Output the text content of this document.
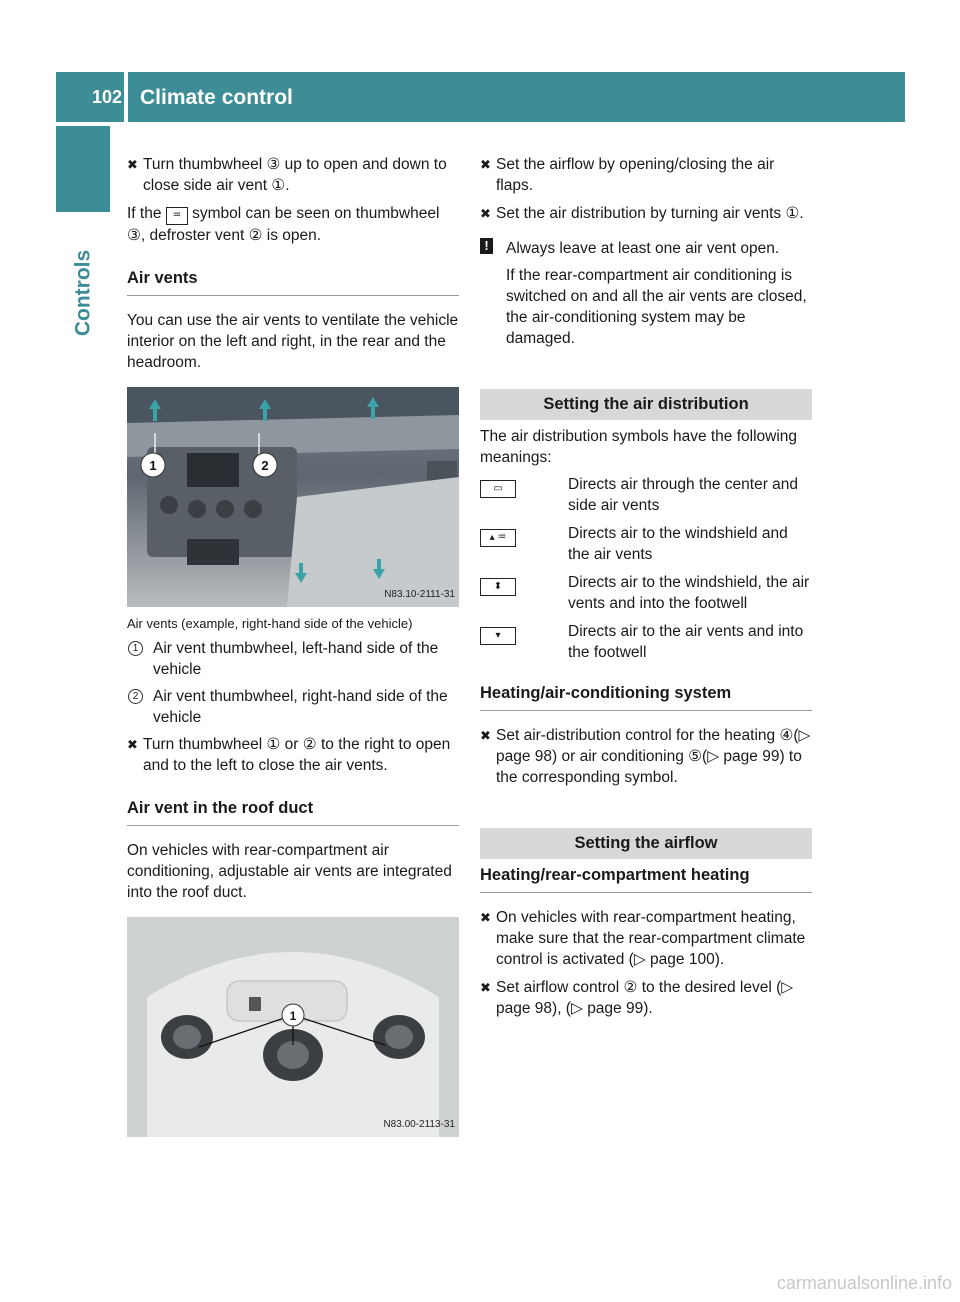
102 Climate control
Controls
✖ Turn thumbwheel ③ up to open and down to close side air vent ①.

If the ♒ symbol can be seen on thumbwheel ③, defroster vent ② is open.

Air vents

You can use the air vents to ventilate the vehicle interior on the left and right, in the rear and the headroom.

1	2
N83.10-2111-31
Air vents (example, right-hand side of the vehicle)
1 Air vent thumbwheel, left-hand side of the vehicle
2 Air vent thumbwheel, right-hand side of the vehicle
✖ Turn thumbwheel ① or ② to the right to open and to the left to close the air vents.
Air vent in the roof duct

On vehicles with rear-compartment air conditioning, adjustable air vents are integrated into the roof duct.

1
N83.00-2113-31
✖ Set the airflow by opening/closing the air flaps.
✖ Set the air distribution by turning air vents ①.
! Always leave at least one air vent open.

If the rear-compartment air conditioning is switched on and all the air vents are closed, the air-conditioning system may be damaged.

Setting the air distribution

The air distribution symbols have the following meanings:

▭	Directs air through the center and side air vents
▴ ♒	Directs air to the windshield and the air vents
⬍	Directs air to the windshield, the air vents and into the footwell
▾	Directs air to the air vents and into the footwell
Heating/air-conditioning system
✖ Set air-distribution control for the heating ④(▷ page 98) or air conditioning ⑤(▷ page 99) to the corresponding symbol.
Setting the airflow
Heating/rear-compartment heating
✖ On vehicles with rear-compartment heating, make sure that the rear-compartment climate control is activated (▷ page 100).
✖ Set airflow control ② to the desired level (▷ page 98), (▷ page 99).
carmanualsonline.info
